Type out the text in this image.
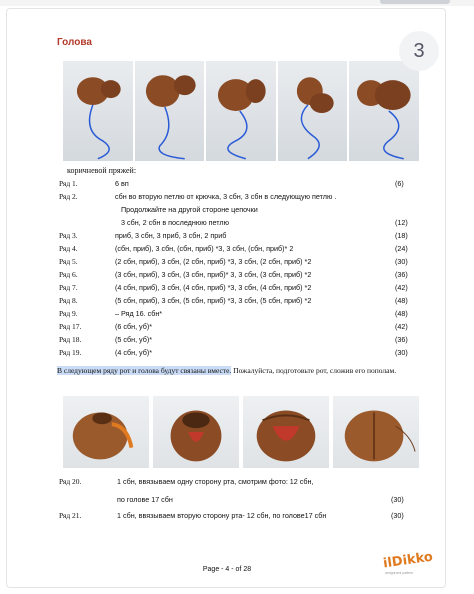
Голова	3
коричневой пряжей:
Ряд 1.	6 вп	(6)
Ряд 2.	сбн во вторую петлю от крючка, 3 сбн, 3 сбн в следующую петлю .
Продолжайте на другой стороне цепочки
3 сбн, 2 сбн в последнюю петлю	(12)
Ряд 3.	приб, 3 сбн, 3 приб, 3 сбн, 2 приб	(18)
Ряд 4.	(сбн, приб), 3 сбн, (сбн, приб) *3, 3 сбн, (сбн, приб)* 2	(24)
Ряд 5.	(2 сбн, приб), 3 сбн, (2 сбн, приб) *3, 3 сбн, (2 сбн, приб) *2	(30)
Ряд 6.	(3 сбн, приб), 3 сбн, (3 сбн, приб)* 3, 3 сбн, (3 сбн, приб) *2	(36)
Ряд 7.	(4 сбн, приб), 3 сбн, (4 сбн, приб) *3, 3 сбн, (4 сбн, приб) *2	(42)
Ряд 8.	(5 сбн, приб), 3 сбн, (5 сбн, приб) *3, 3 сбн, (5 сбн, приб) *2	(48)
Ряд 9.	– Ряд 16. сбн*	(48)
Ряд 17.	(6 сбн, уб)*	(42)
Ряд 18.	(5 сбн, уб)*	(36)
Ряд 19.	(4 сбн, уб)*	(30)
В следующем ряду рот и голова будут связаны вместе. Пожалуйста, подготовьте рот, сложив его пополам.
Ряд 20.	1 сбн, ввязываем одну сторону рта, смотрим фото: 12 сбн,
по голове 17 сбн	(30)
Ряд 21.	1 сбн, ввязываем вторую сторону рта- 12 сбн, по голове17 сбн	(30)
Page - 4 - of 28	ilDikko
amigurumi pattern
